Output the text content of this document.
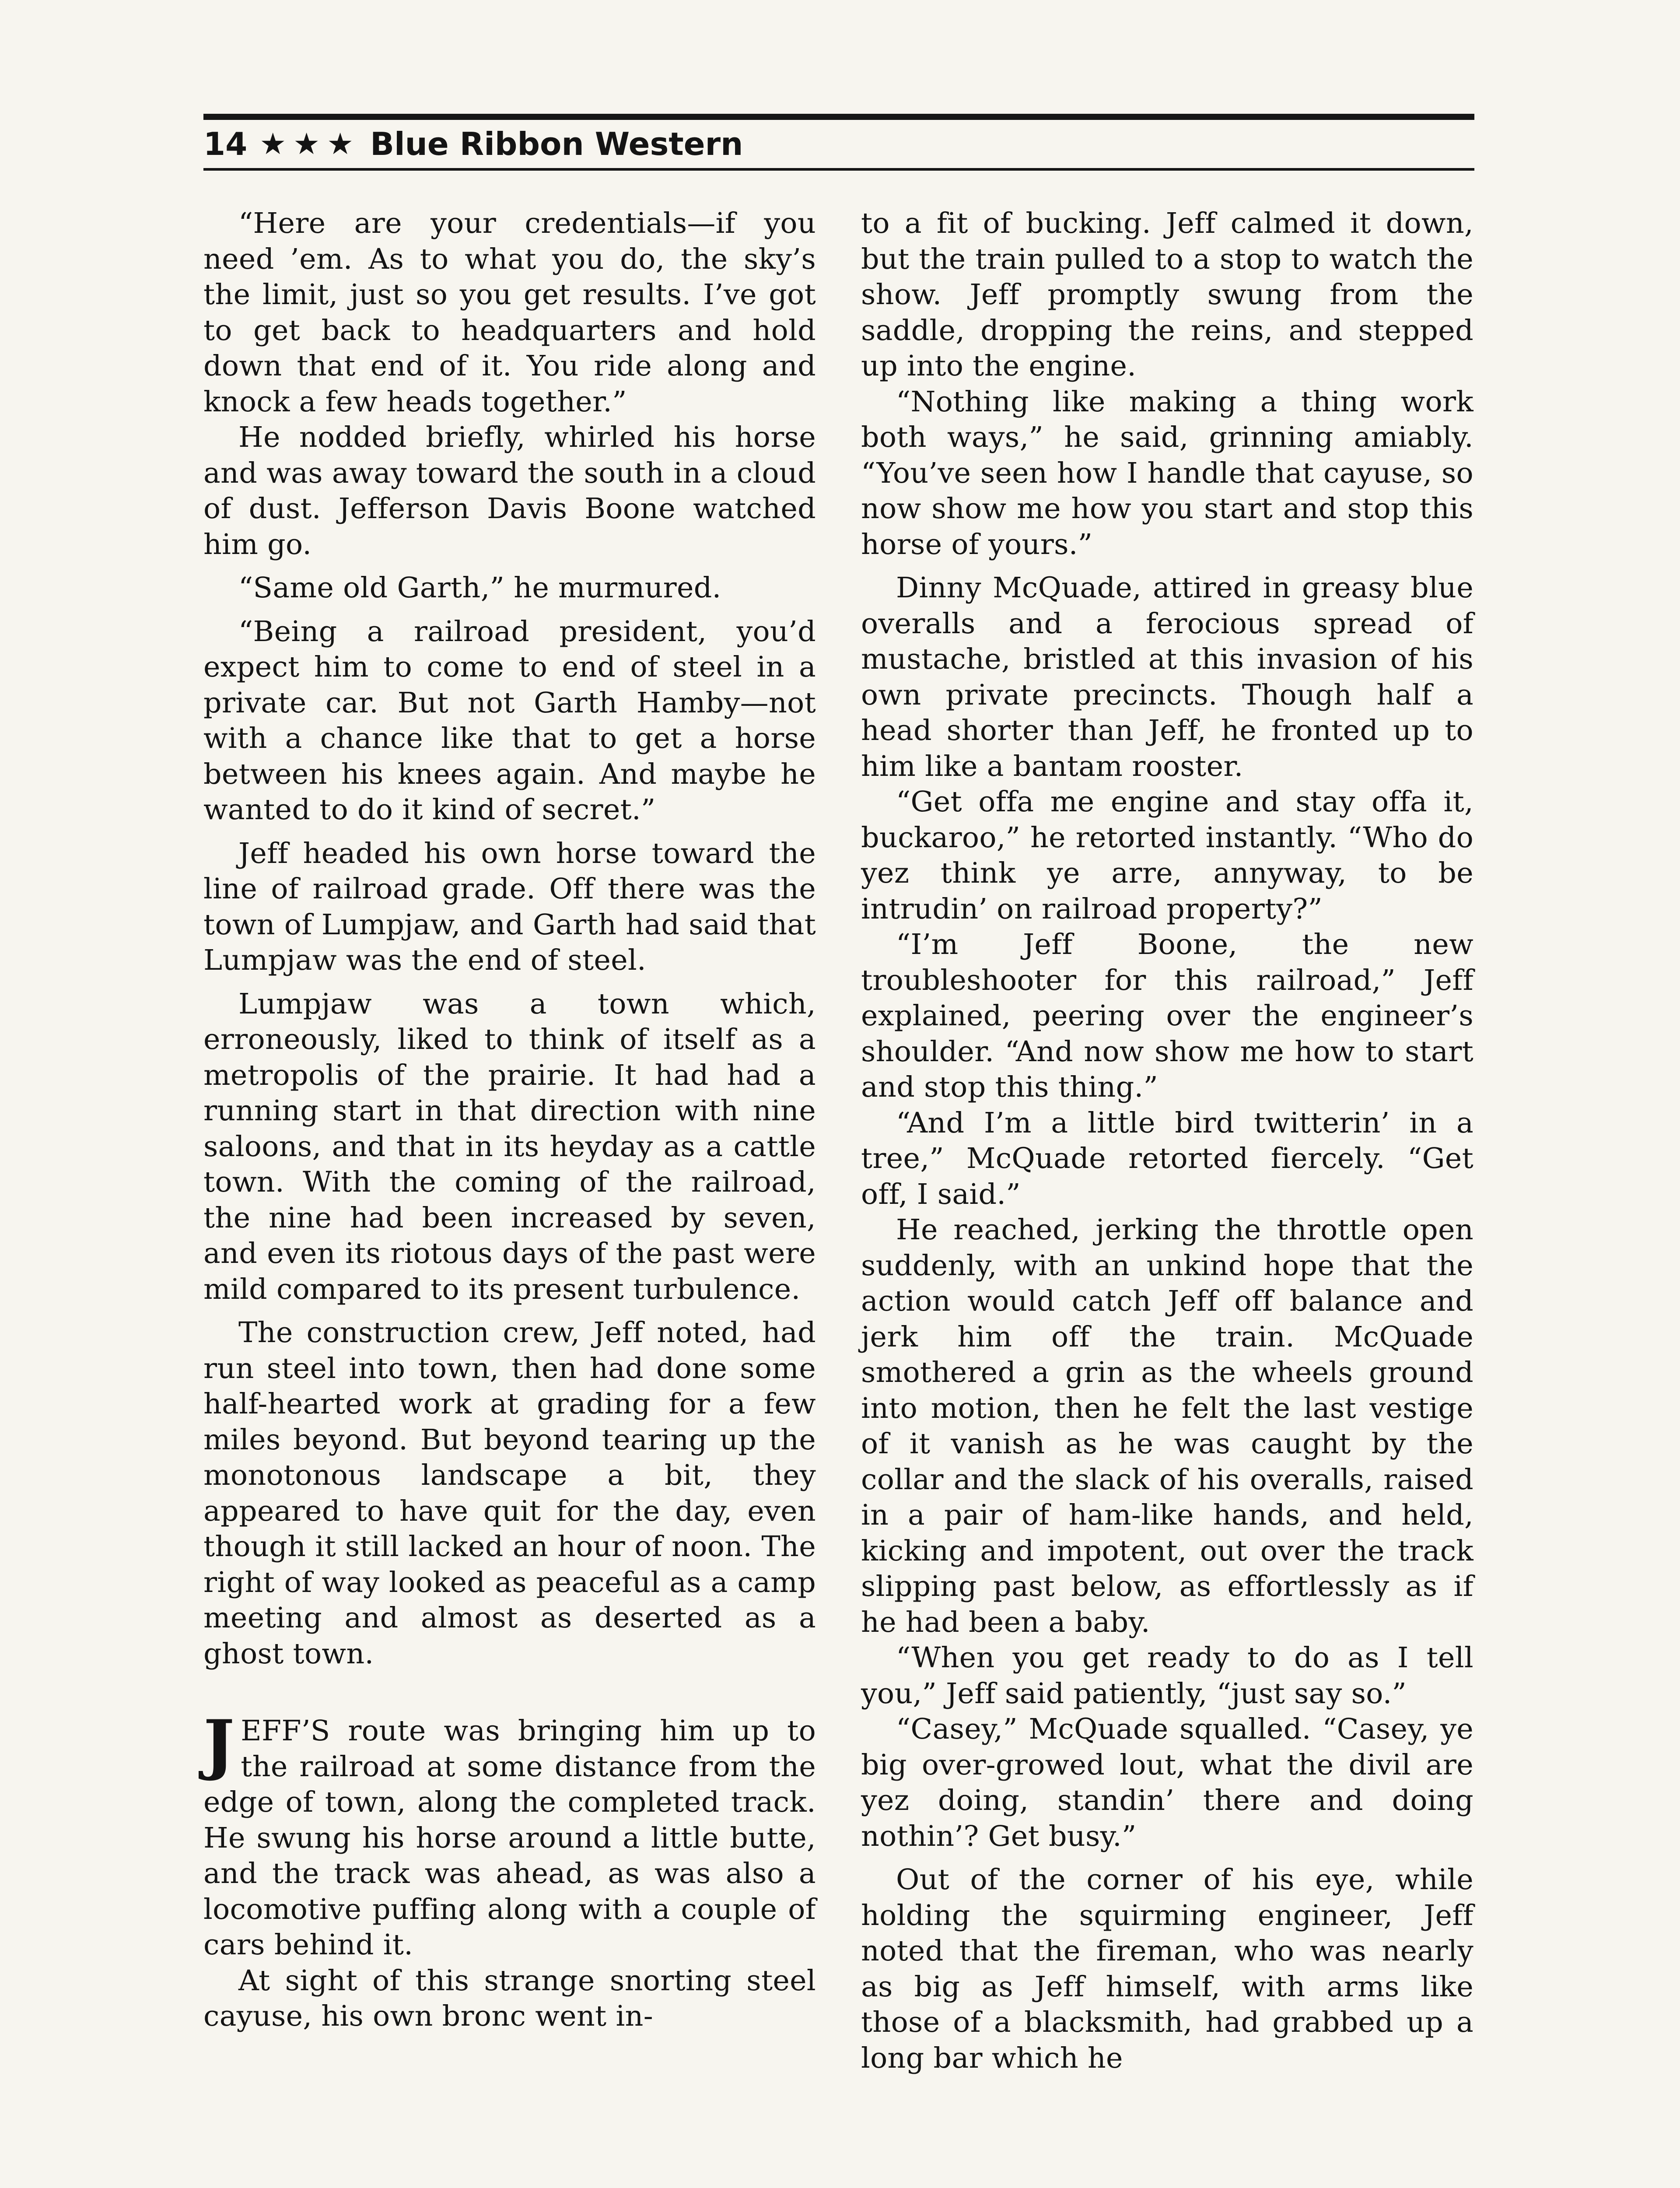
14 ★★★ Blue Ribbon Western

“Here are your credentials—if you need ’em. As to what you do, the sky’s the limit, just so you get results. I’ve got to get back to headquarters and hold down that end of it. You ride along and knock a few heads together.”

He nodded briefly, whirled his horse and was away toward the south in a cloud of dust. Jefferson Davis Boone watched him go.

“Same old Garth,” he murmured.

“Being a railroad president, you’d expect him to come to end of steel in a private car. But not Garth Hamby—not with a chance like that to get a horse between his knees again. And maybe he wanted to do it kind of secret.”

Jeff headed his own horse toward the line of railroad grade. Off there was the town of Lumpjaw, and Garth had said that Lumpjaw was the end of steel.

Lumpjaw was a town which, erroneously, liked to think of itself as a metropolis of the prairie. It had had a running start in that direction with nine saloons, and that in its heyday as a cattle town. With the coming of the railroad, the nine had been increased by seven, and even its riotous days of the past were mild compared to its present turbulence.

The construction crew, Jeff noted, had run steel into town, then had done some half-hearted work at grading for a few miles beyond. But beyond tearing up the monotonous landscape a bit, they appeared to have quit for the day, even though it still lacked an hour of noon. The right of way looked as peaceful as a camp meeting and almost as deserted as a ghost town.

JEFF’S route was bringing him up to the railroad at some distance from the edge of town, along the completed track. He swung his horse around a little butte, and the track was ahead, as was also a locomotive puffing along with a couple of cars behind it.

At sight of this strange snorting steel cayuse, his own bronc went in-

to a fit of bucking. Jeff calmed it down, but the train pulled to a stop to watch the show. Jeff promptly swung from the saddle, dropping the reins, and stepped up into the engine.

“Nothing like making a thing work both ways,” he said, grinning amiably. “You’ve seen how I handle that cayuse, so now show me how you start and stop this horse of yours.”

Dinny McQuade, attired in greasy blue overalls and a ferocious spread of mustache, bristled at this invasion of his own private precincts. Though half a head shorter than Jeff, he fronted up to him like a bantam rooster.

“Get offa me engine and stay offa it, buckaroo,” he retorted instantly. “Who do yez think ye arre, annyway, to be intrudin’ on railroad property?”

“I’m Jeff Boone, the new troubleshooter for this railroad,” Jeff explained, peering over the engineer’s shoulder. “And now show me how to start and stop this thing.”

“And I’m a little bird twitterin’ in a tree,” McQuade retorted fiercely. “Get off, I said.”

He reached, jerking the throttle open suddenly, with an unkind hope that the action would catch Jeff off balance and jerk him off the train. McQuade smothered a grin as the wheels ground into motion, then he felt the last vestige of it vanish as he was caught by the collar and the slack of his overalls, raised in a pair of ham-like hands, and held, kicking and impotent, out over the track slipping past below, as effortlessly as if he had been a baby.

“When you get ready to do as I tell you,” Jeff said patiently, “just say so.”

“Casey,” McQuade squalled. “Casey, ye big over-growed lout, what the divil are yez doing, standin’ there and doing nothin’? Get busy.”

Out of the corner of his eye, while holding the squirming engineer, Jeff noted that the fireman, who was nearly as big as Jeff himself, with arms like those of a blacksmith, had grabbed up a long bar which he
